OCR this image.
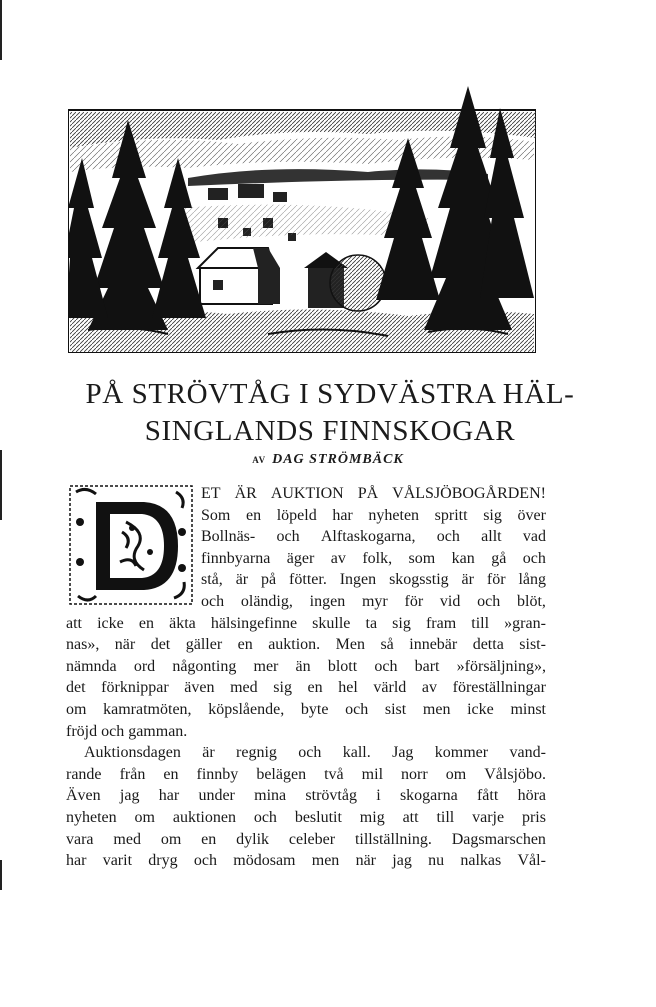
PÅ STRÖVTÅG I SYDVÄSTRA HÄL-
SINGLANDS FINNSKOGAR
AV DAG STRÖMBÄCK
D
ET ÄR AUKTION PÅ VÅLSJÖBOGÅRDEN!
Som en löpeld har nyheten spritt sig över
Bollnäs- och Alftaskogarna, och allt vad
finnbyarna äger av folk, som kan gå och
stå, är på fötter. Ingen skogsstig är för lång
och oländig, ingen myr för vid och blöt,
att icke en äkta hälsingefinne skulle ta sig fram till »gran-
nas», när det gäller en auktion. Men så innebär detta sist-
nämnda ord någonting mer än blott och bart »försäljning»,
det förknippar även med sig en hel värld av föreställningar
om kamratmöten, köpslående, byte och sist men icke minst
fröjd och gamman.
Auktionsdagen är regnig och kall. Jag kommer vand-
rande från en finnby belägen två mil norr om Vålsjöbo.
Även jag har under mina strövtåg i skogarna fått höra
nyheten om auktionen och beslutit mig att till varje pris
vara med om en dylik celeber tillställning. Dagsmarschen
har varit dryg och mödosam men när jag nu nalkas Vål-
